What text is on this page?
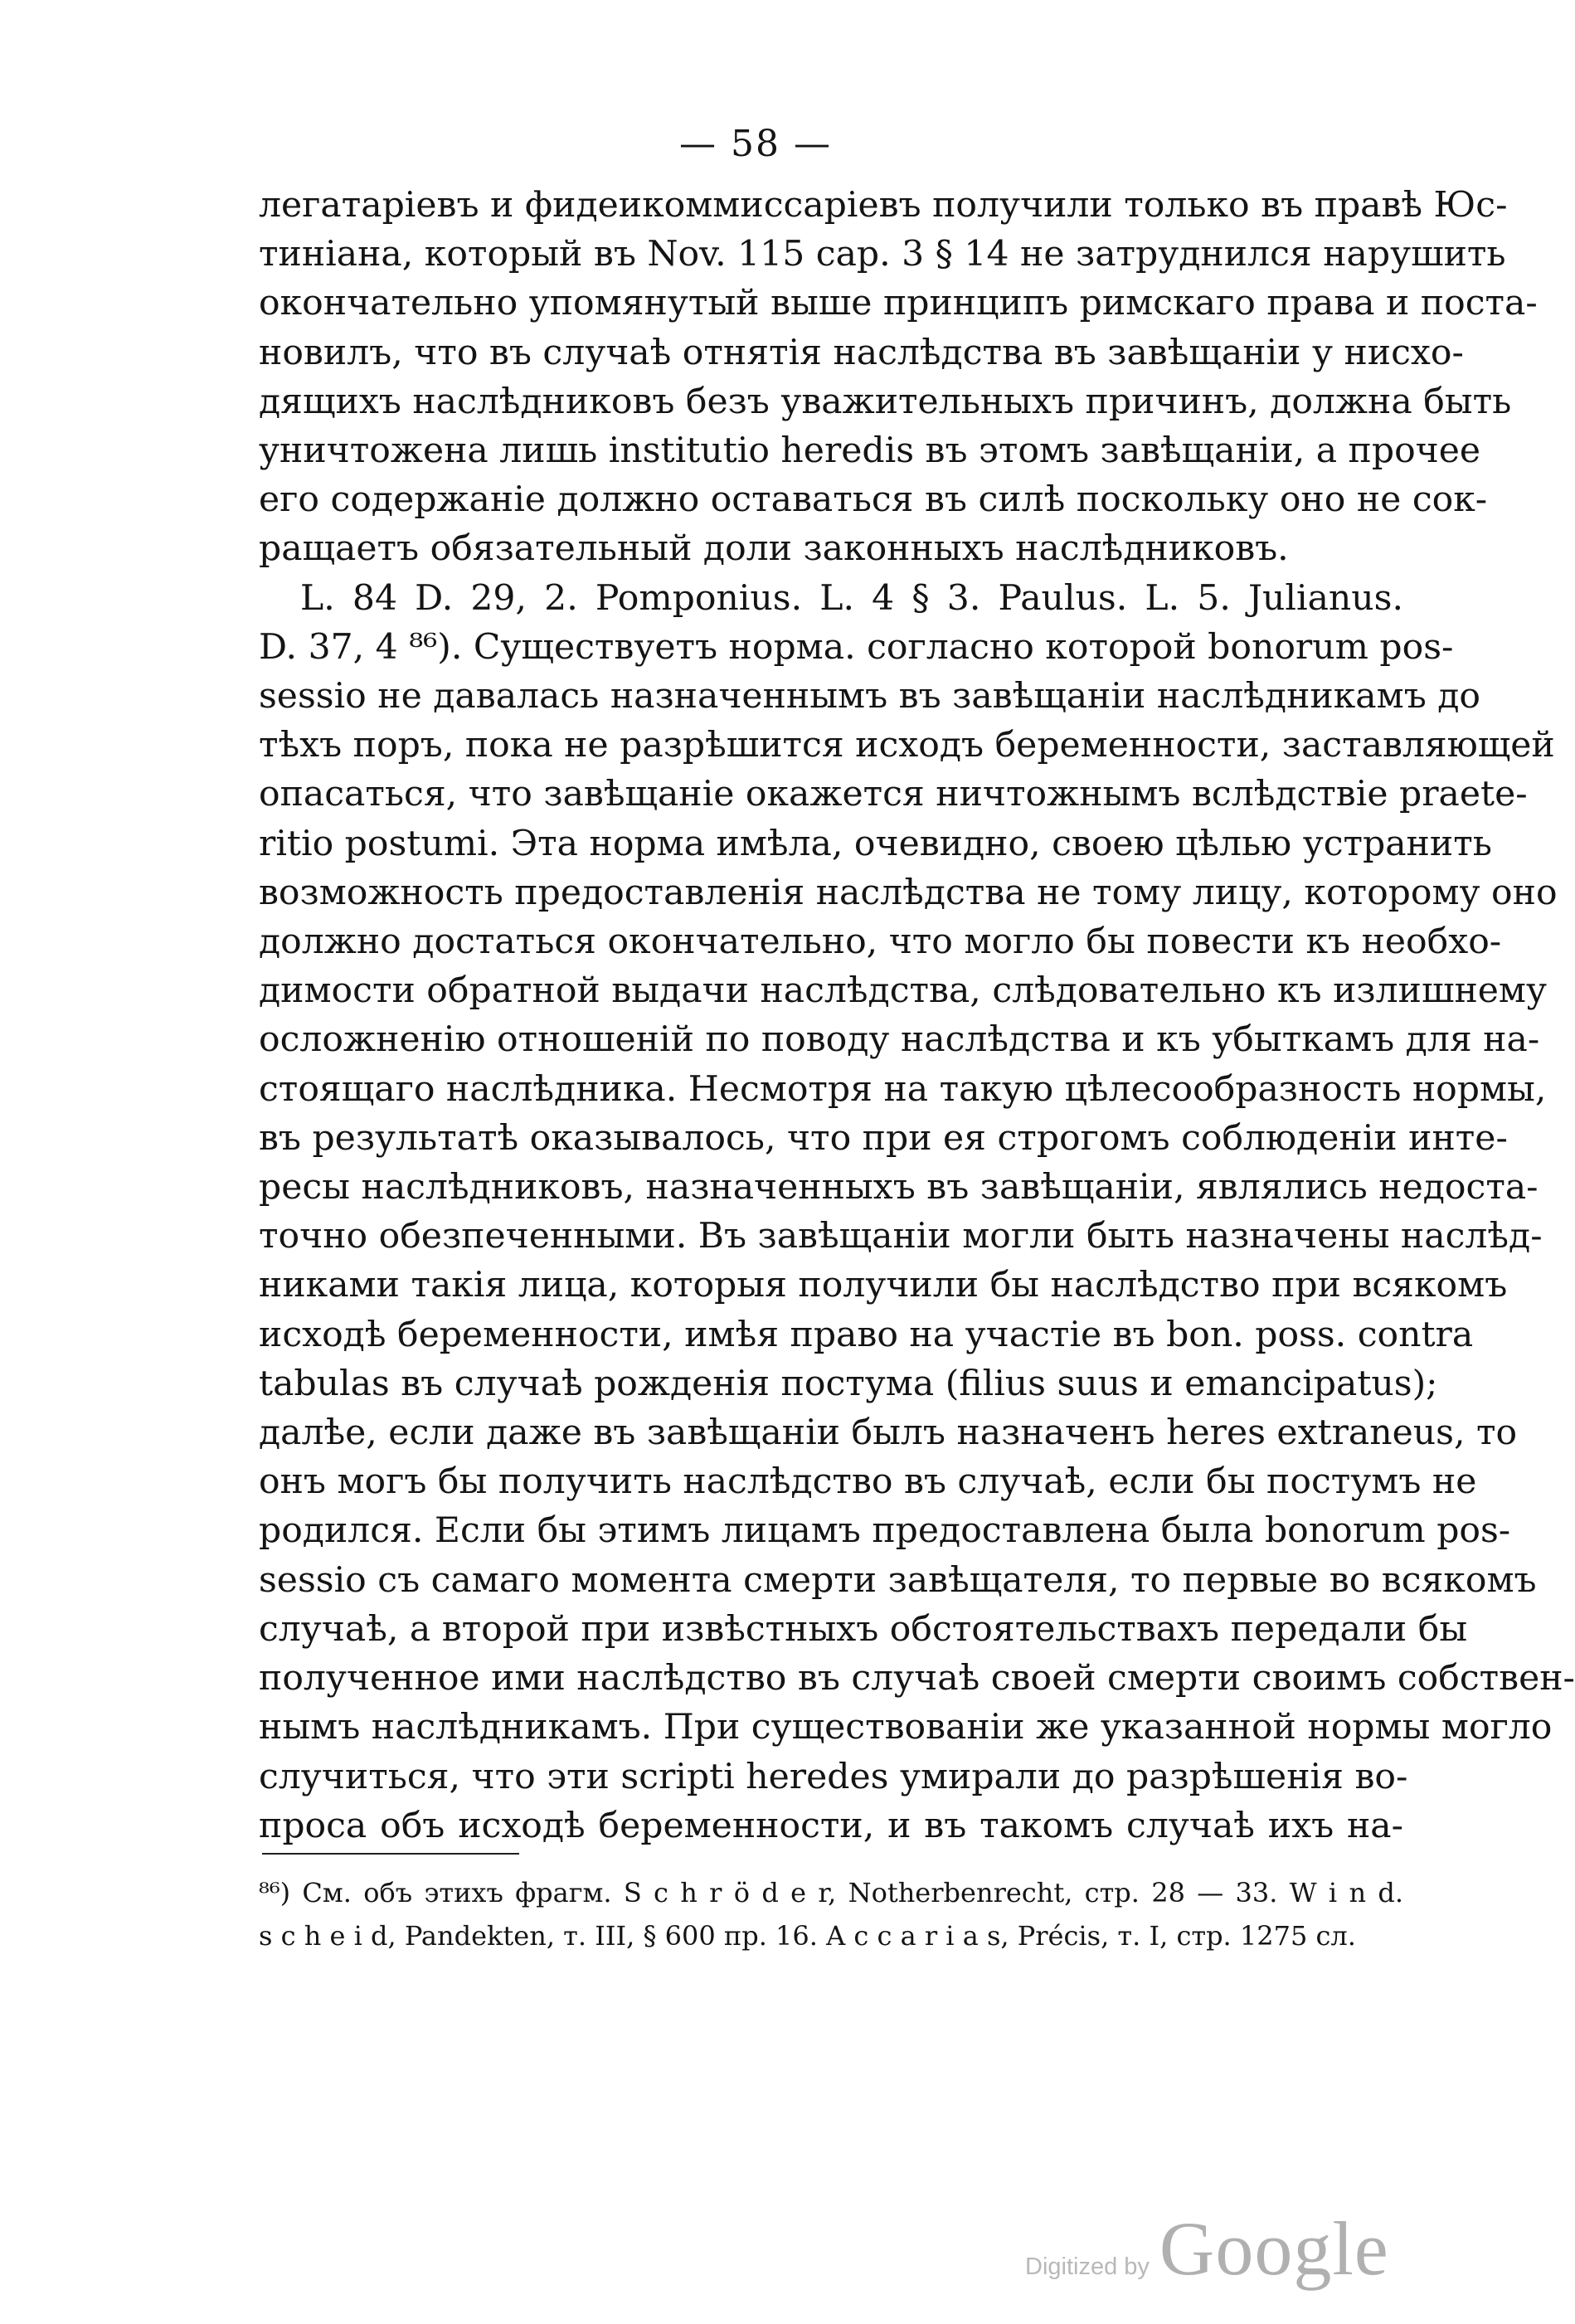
— 58 —
легатаріевъ и фидеикоммиссаріевъ получили только въ правѣ Юс-
тиніана, который въ Nov. 115 cap. 3 § 14 не затруднился нарушить
окончательно упомянутый выше принципъ римскаго права и поста-
новилъ, что въ случаѣ отнятія наслѣдства въ завѣщаніи у нисхо-
дящихъ наслѣдниковъ безъ уважительныхъ причинъ, должна быть
уничтожена лишь institutio heredis въ этомъ завѣщаніи, а прочее
его содержаніе должно оставаться въ силѣ поскольку оно не сок-
ращаетъ обязательный доли законныхъ наслѣдниковъ.
L. 84 D. 29, 2. Pomponius. L. 4 § 3. Paulus. L. 5. Julianus.
D. 37, 4 ⁸⁶). Существуетъ норма. согласно которой bonorum pos-
sessio не давалась назначеннымъ въ завѣщаніи наслѣдникамъ до
тѣхъ поръ, пока не разрѣшится исходъ беременности, заставляющей
опасаться, что завѣщаніе окажется ничтожнымъ вслѣдствіе praete-
ritio postumi. Эта норма имѣла, очевидно, своею цѣлью устранить
возможность предоставленія наслѣдства не тому лицу, которому оно
должно достаться окончательно, что могло бы повести къ необхо-
димости обратной выдачи наслѣдства, слѣдовательно къ излишнему
осложненію отношеній по поводу наслѣдства и къ убыткамъ для на-
стоящаго наслѣдника. Несмотря на такую цѣлесообразность нормы,
въ результатѣ оказывалось, что при ея строгомъ соблюденіи инте-
ресы наслѣдниковъ, назначенныхъ въ завѣщаніи, являлись недоста-
точно обезпеченными. Въ завѣщаніи могли быть назначены наслѣд-
никами такія лица, которыя получили бы наслѣдство при всякомъ
исходѣ беременности, имѣя право на участіе въ bon. poss. contra
tabulas въ случаѣ рожденія постума (filius suus и emancipatus);
далѣе, если даже въ завѣщаніи былъ назначенъ heres extraneus, то
онъ могъ бы получить наслѣдство въ случаѣ, если бы постумъ не
родился. Если бы этимъ лицамъ предоставлена была bonorum pos-
sessio съ самаго момента смерти завѣщателя, то первые во всякомъ
случаѣ, а второй при извѣстныхъ обстоятельствахъ передали бы
полученное ими наслѣдство въ случаѣ своей смерти своимъ собствен-
нымъ наслѣдникамъ. При существованіи же указанной нормы могло
случиться, что эти scripti heredes умирали до разрѣшенія во-
проса объ исходѣ беременности, и въ такомъ случаѣ ихъ на-
⁸⁶) См. объ этихъ фрагм. S c h r ö d e r, Notherbenrecht, стр. 28 — 33. W i n d.
s c h e i d, Pandekten, т. III, § 600 пр. 16. A c c a r i a s, Précis, т. I, стр. 1275 сл.
Digitized by Google
